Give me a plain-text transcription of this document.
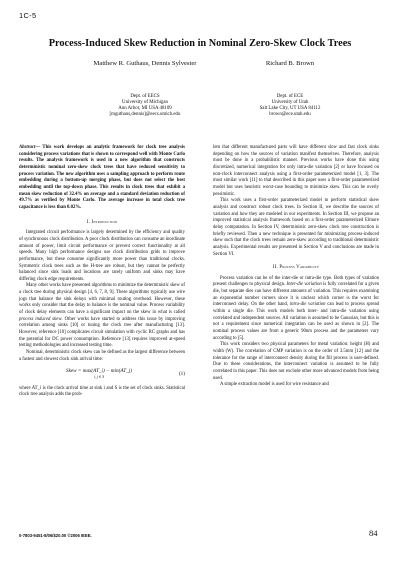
1C-5
Process-Induced Skew Reduction in Nominal Zero-Skew Clock Trees
Matthew R. Guthaus, Dennis Sylvester
Dept. of EECS
University of Michigan
Ann Arbor, MI USA 48109
[mguthaus,dennis]@eecs.umich.edu
Richard B. Brown
Dept. of ECE
University of Utah
Salt Lake City, UT USA 84112
brown@ece.utah.edu

Abstract— This work develops an analytic framework for clock tree analysis considering process variations that is shown to correspond well with Monte Carlo results. The analysis framework is used in a new algorithm that constructs deterministic nominal zero-skew clock trees that have reduced sensitivity to process variation. The new algorithm uses a sampling approach to perform route embedding during a bottom-up merging phase, but does not select the best embedding until the top-down phase. This results in clock trees that exhibit a mean skew reduction of 32.4% on average and a standard deviation reduction of 49.7% as verified by Monte Carlo. The average increase in total clock tree capacitance is less than 0.02%.

I. Introduction

Integrated circuit performance is largely determined by the efficiency and quality of synchronous clock distribution. A poor clock distribution can consume an inordinate amount of power, limit circuit performance or prevent correct functionality at all speeds. Many high performance designs use clock distribution grids to improve performance, but these consume significantly more power than traditional clocks. Symmetric clock trees such as the H-tree are robust, but they cannot be perfectly balanced since sink loads and locations are rarely uniform and sinks may have differing clock edge requirements.

Many other works have presented algorithms to minimize the deterministic skew of a clock tree during physical design [4, 6, 7, 8, 9]. These algorithms typically use wire jogs that balance the sink delays with minimal routing overhead. However, these works only consider that the delay to balance is the nominal value. Process variability of clock delay elements can have a significant impact on the skew in what is called process induced skew. Other works have started to address this issue by improving correlation among sinks [10] or tuning the clock tree after manufacturing [13]. However, reference [10] complicates circuit simulation with cyclic RC graphs and has the potential for DC power consumption. Reference [13] requires improved at-speed testing methodologies and increased testing time.

Nominal, deterministic clock skew can be defined as the largest difference between a fastest and slowest clock sink arrival time:

Skew = max(AT_i) − min(AT_j)
i, j ∈ S	(1)

where AT_i is the clock arrival time at sink i and S is the set of clock sinks. Statistical clock tree analysis adds the prob-

lem that different manufactured parts will have different slow and fast clock sinks depending on how the sources of variation manifest themselves. Therefore, analysis must be done in a probabilistic manner. Previous works have done this using discretized, numerical integration for only intra-die variation [2] or have focused on non-clock interconnect analysis using a first-order parameterized model [1, 3]. The most similar work [11] to that described in this paper uses a first-order parameterized model but uses heuristic worst-case bounding to minimize skew. This can be overly pessimistic.

This work uses a first-order parameterized model to perform statistical skew analysis and construct robust clock trees. In Section II, we describe the sources of variation and how they are modeled in our experiments. In Section III, we propose an improved statistical analysis framework based on a first-order parameterized Elmore delay computation. In Section IV, deterministic zero-skew clock tree construction is briefly reviewed. Then a new technique is presented for minimizing process-induced skew such that the clock trees remain zero-skew according to traditional deterministic analysis. Experimental results are presented in Section V and conclusions are made in Section VI.

II. Process Variability

Process variation can be of the inter-die or intra-die type. Both types of variation present challenges to physical design. Inter-die variation is fully correlated for a given die, but separate dies can have different amounts of variation. This requires examining an exponential number corners since it is unclear which corner is the worst for interconnect delay. On the other hand, intra-die variation can lead to process spread within a single die. This work models both inter- and intra-die variation using correlated and independent sources. All variation is assumed to be Gaussian, but this is not a requirement since numerical integration can be used as shown in [2]. The nominal process values are from a generic 90nm process and the parameters vary according to [5].

This work considers two physical parameters for metal variation: height (H) and width (W). The correlation of CMP variation is on the order of 3.5mm [12] and the tolerance for the range of interconnect density during the fill process is user-defined. Due to these considerations, the interconnect variation is assumed to be fully correlated in this paper. This does not exclude other more advanced models from being used.

A simple extraction model is used for wire resistance and

0-7803-9451-8/06/$20.00 ©2006 IEEE.	84
